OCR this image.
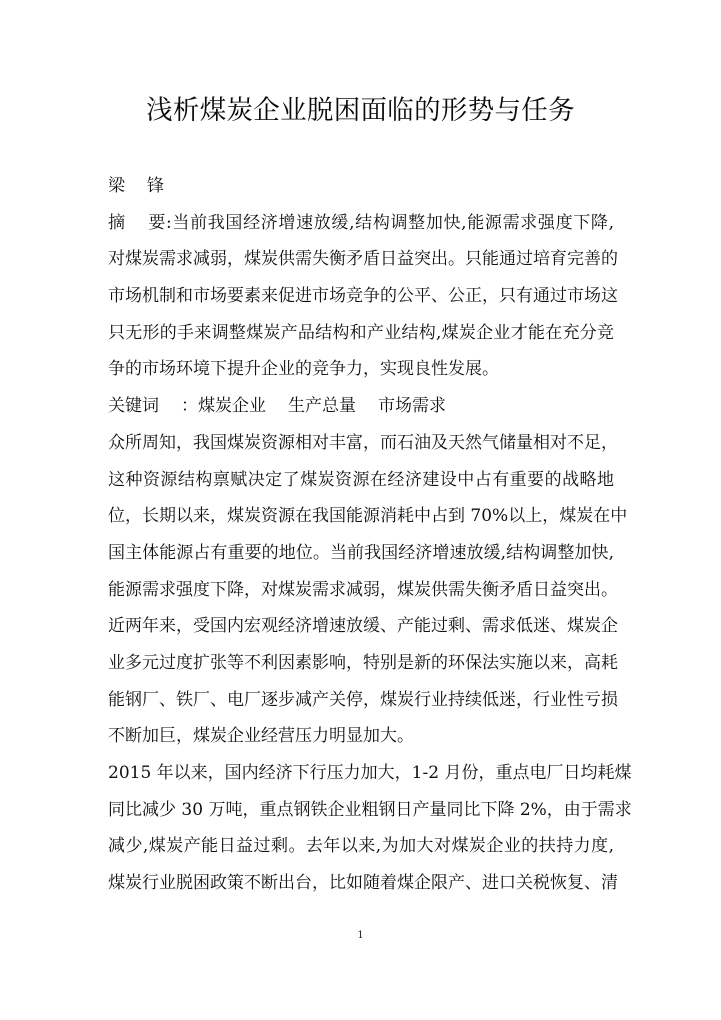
浅析煤炭企业脱困面临的形势与任务
梁 锋
摘 要:当前我国经济增速放缓,结构调整加快,能源需求强度下降,
对煤炭需求减弱，煤炭供需失衡矛盾日益突出。只能通过培育完善的
市场机制和市场要素来促进市场竞争的公平、公正，只有通过市场这
只无形的手来调整煤炭产品结构和产业结构,煤炭企业才能在充分竞
争的市场环境下提升企业的竞争力，实现良性发展。
关键词 ：煤炭企业 生产总量 市场需求
众所周知，我国煤炭资源相对丰富，而石油及天然气储量相对不足，
这种资源结构禀赋决定了煤炭资源在经济建设中占有重要的战略地
位，长期以来，煤炭资源在我国能源消耗中占到 70%以上，煤炭在中
国主体能源占有重要的地位。当前我国经济增速放缓,结构调整加快,
能源需求强度下降，对煤炭需求减弱，煤炭供需失衡矛盾日益突出。
近两年来，受国内宏观经济增速放缓、产能过剩、需求低迷、煤炭企
业多元过度扩张等不利因素影响，特别是新的环保法实施以来，高耗
能钢厂、铁厂、电厂逐步减产关停，煤炭行业持续低迷，行业性亏损
不断加巨，煤炭企业经营压力明显加大。
2015 年以来，国内经济下行压力加大，1-2 月份，重点电厂日均耗煤
同比减少 30 万吨，重点钢铁企业粗钢日产量同比下降 2%，由于需求
减少,煤炭产能日益过剩。去年以来,为加大对煤炭企业的扶持力度,
煤炭行业脱困政策不断出台，比如随着煤企限产、进口关税恢复、清
1
